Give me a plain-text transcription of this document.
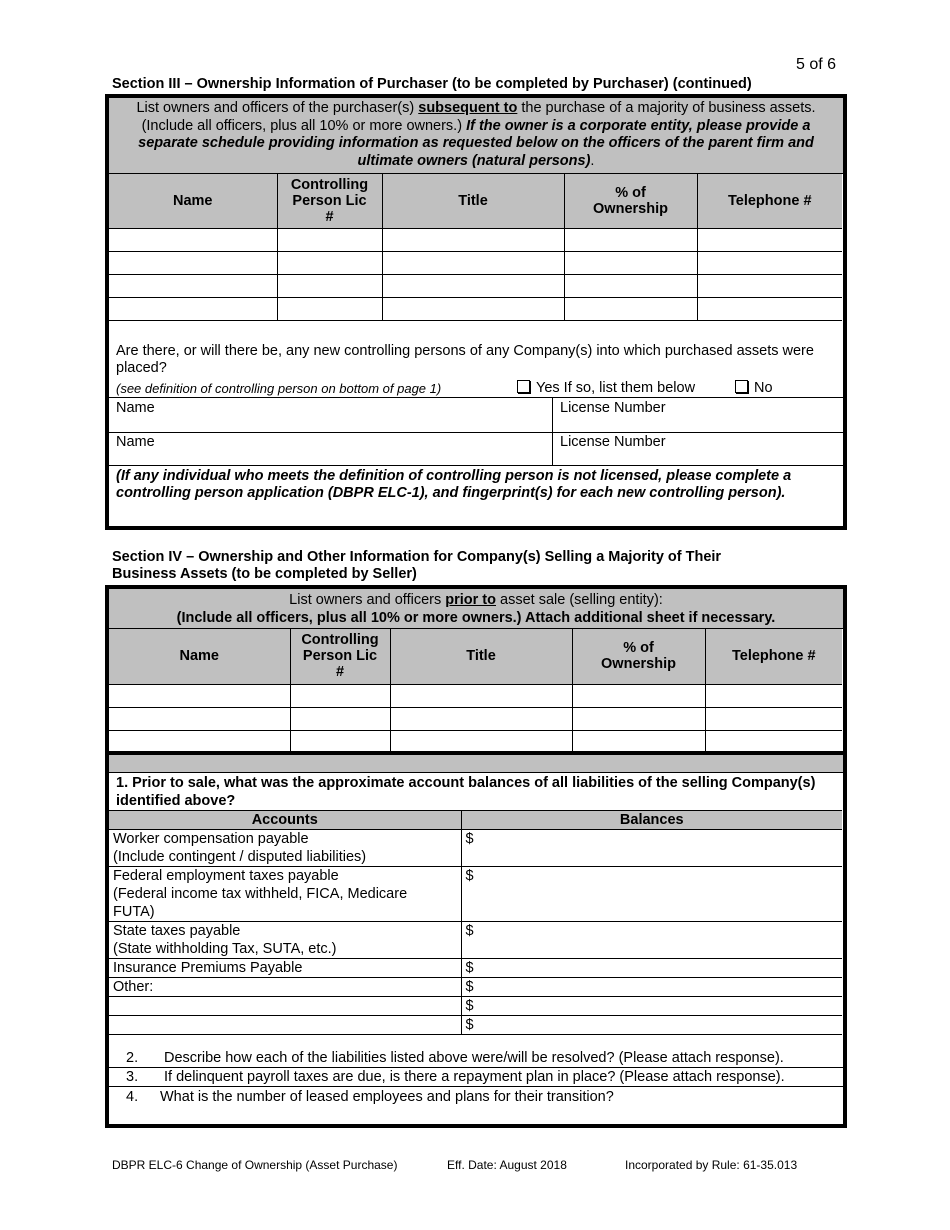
5 of 6
Section III – Ownership Information of Purchaser (to be completed by Purchaser) (continued)
List owners and officers of the purchaser(s) subsequent to the purchase of a majority of business assets. (Include all officers, plus all 10% or more owners.) If the owner is a corporate entity, please provide a separate schedule providing information as requested below on the officers of the parent firm and ultimate owners (natural persons).
Name	Controlling Person Lic #	Title	% of Ownership	Telephone #

Are there, or will there be, any new controlling persons of any Company(s) into which purchased assets were placed?
(see definition of controlling person on bottom of page 1)	Yes If so, list them below	No
Name	License Number
Name	License Number
(If any individual who meets the definition of controlling person is not licensed, please complete a controlling person application (DBPR ELC-1), and fingerprint(s) for each new controlling person).
Section IV – Ownership and Other Information for Company(s) Selling a Majority of Their
Business Assets (to be completed by Seller)
List owners and officers prior to asset sale (selling entity):
(Include all officers, plus all 10% or more owners.) Attach additional sheet if necessary.
Name	Controlling Person Lic #	Title	% of Ownership	Telephone #

1. Prior to sale, what was the approximate account balances of all liabilities of the selling Company(s) identified above?
Accounts	Balances

Worker compensation payable
(Include contingent / disputed liabilities)	$

Federal employment taxes payable
(Federal income tax withheld, FICA, Medicare
FUTA)	$

State taxes payable
(State withholding Tax, SUTA, etc.)	$
Insurance Premiums Payable	$
Other:	$
	$
	$
2. Describe how each of the liabilities listed above were/will be resolved? (Please attach response).
3. If delinquent payroll taxes are due, is there a repayment plan in place? (Please attach response).
4. What is the number of leased employees and plans for their transition?
DBPR ELC-6 Change of Ownership (Asset Purchase)	Eff. Date: August 2018	Incorporated by Rule: 61-35.013
